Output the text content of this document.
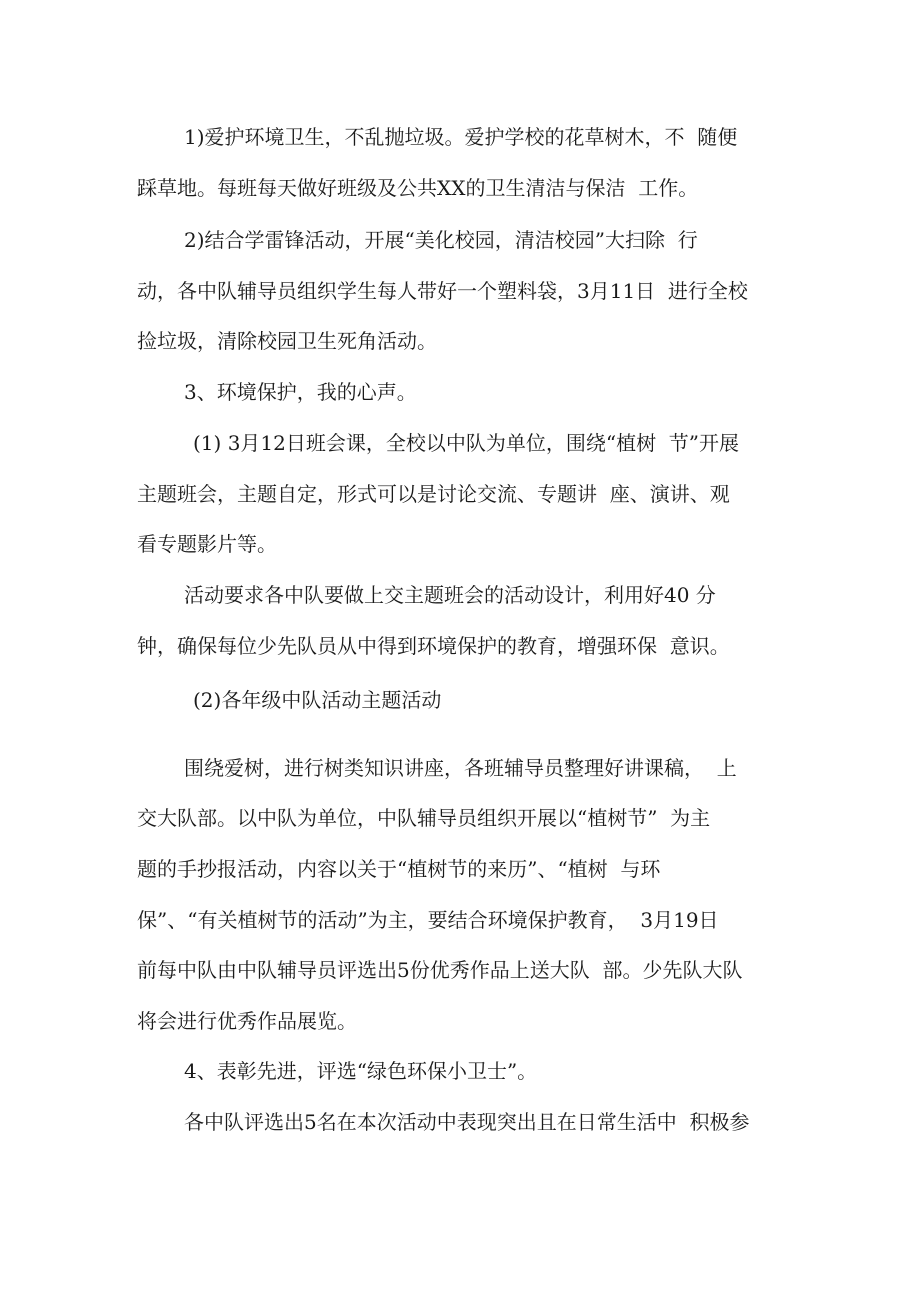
1)爱护环境卫生，不乱抛垃圾。爱护学校的花草树木，不  随便

踩草地。每班每天做好班级及公共XX的卫生清洁与保洁  工作。

2)结合学雷锋活动，开展“美化校园，清洁校园”大扫除  行

动，各中队辅导员组织学生每人带好一个塑料袋，3月11日  进行全校

捡垃圾，清除校园卫生死角活动。

3、环境保护，我的心声。

(1) 3月12日班会课，全校以中队为单位，围绕“植树  节”开展

主题班会，主题自定，形式可以是讨论交流、专题讲  座、演讲、观

看专题影片等。

活动要求各中队要做上交主题班会的活动设计，利用好40 分

钟，确保每位少先队员从中得到环境保护的教育，增强环保  意识。

(2)各年级中队活动主题活动

围绕爱树，进行树类知识讲座，各班辅导员整理好讲课稿，  上

交大队部。以中队为单位，中队辅导员组织开展以“植树节”  为主

题的手抄报活动，内容以关于“植树节的来历”、“植树  与环

保”、“有关植树节的活动”为主，要结合环境保护教育，  3月19日

前每中队由中队辅导员评选出5份优秀作品上送大队  部。少先队大队

将会进行优秀作品展览。

4、表彰先进，评选“绿色环保小卫士”。

各中队评选出5名在本次活动中表现突出且在日常生活中  积极参
